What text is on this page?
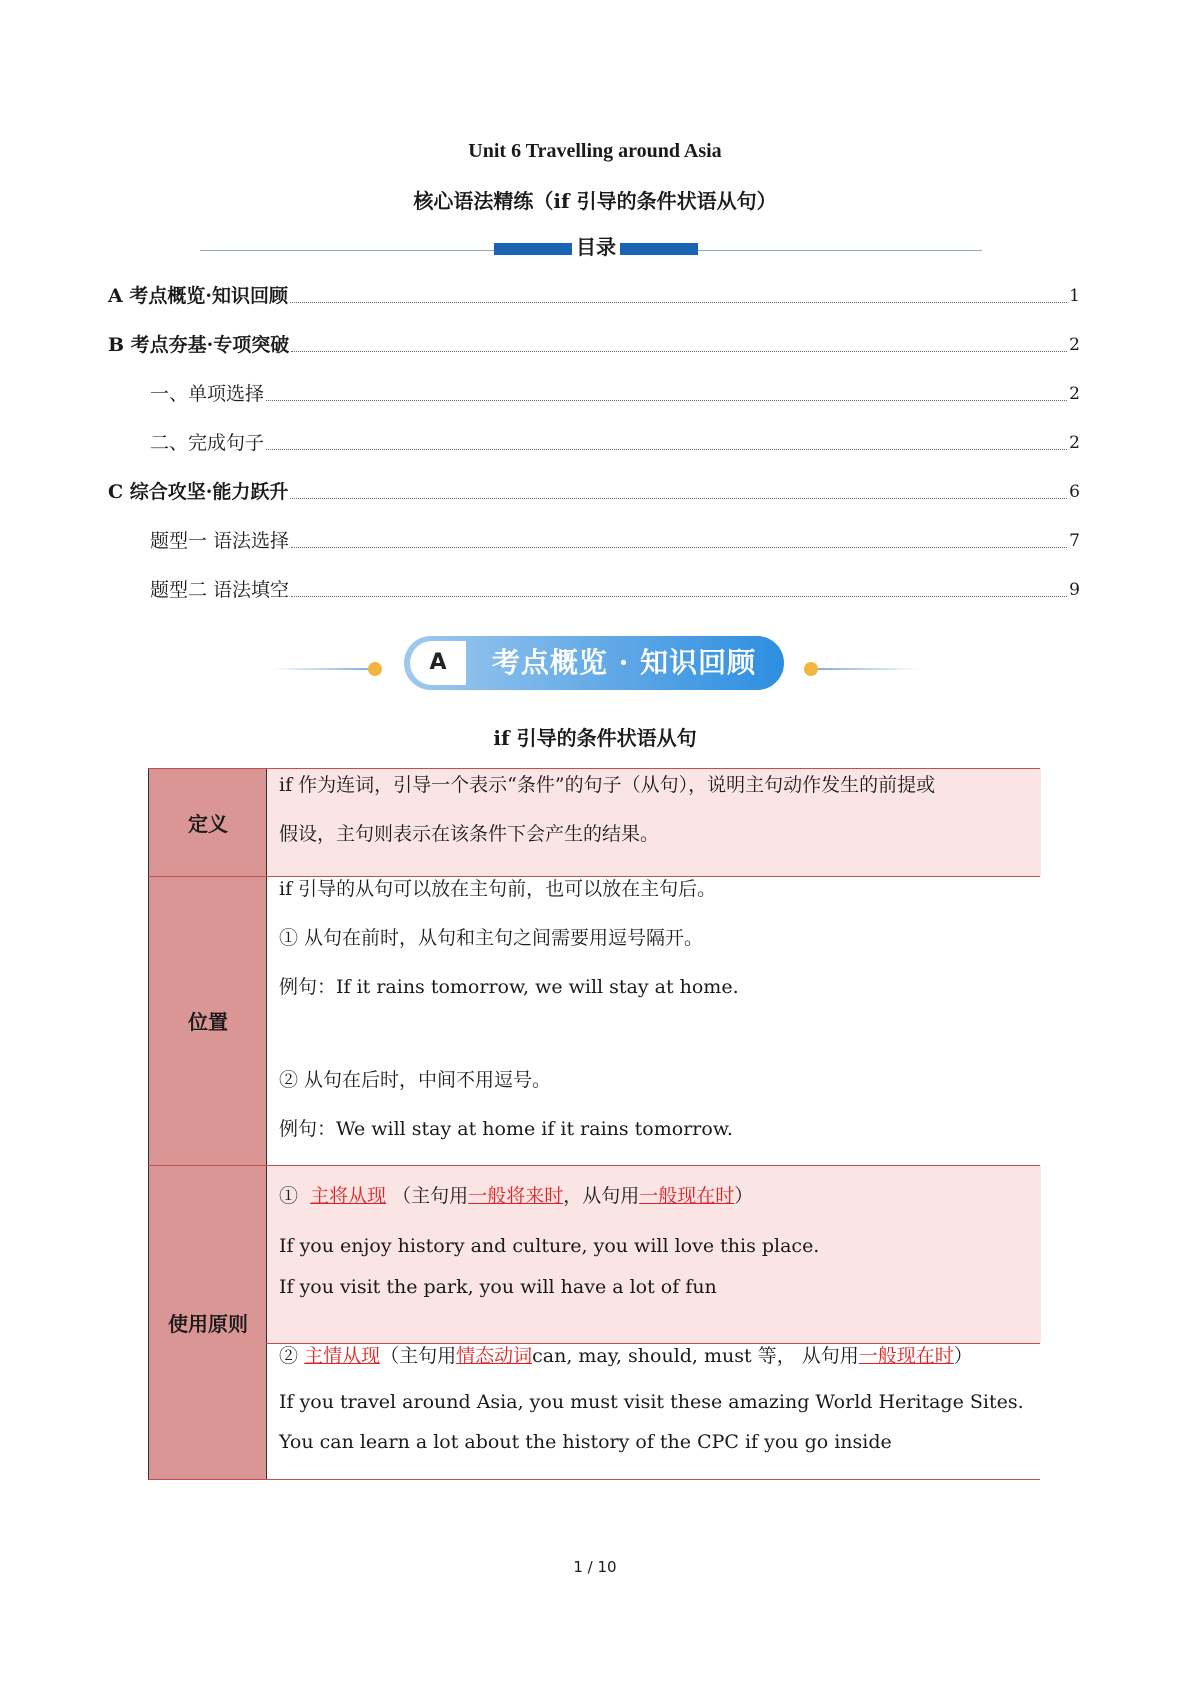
Unit 6 Travelling around Asia
核心语法精练（if 引导的条件状语从句）
目录
A 考点概览·知识回顾	1
B 考点夯基·专项突破	2
一、单项选择	2
二、完成句子	2
C 综合攻坚·能力跃升	6
题型一 语法选择	7
题型二 语法填空	9
A	考点概览 · 知识回顾
if 引导的条件状语从句
定义
if 作为连词，引导一个表示“条件”的句子（从句），说明主句动作发生的前提或
假设，主句则表示在该条件下会产生的结果。
位置
if 引导的从句可以放在主句前，也可以放在主句后。
① 从句在前时，从句和主句之间需要用逗号隔开。
例句：If it rains tomorrow, we will stay at home.
② 从句在后时，中间不用逗号。
例句：We will stay at home if it rains tomorrow.
使用原则
① 主将从现 （主句用一般将来时，从句用一般现在时）
If you enjoy history and culture, you will love this place.
If you visit the park, you will have a lot of fun
② 主情从现（主句用情态动词can, may, should, must 等， 从句用一般现在时）
If you travel around Asia, you must visit these amazing World Heritage Sites.
You can learn a lot about the history of the CPC if you go inside
1 / 10
